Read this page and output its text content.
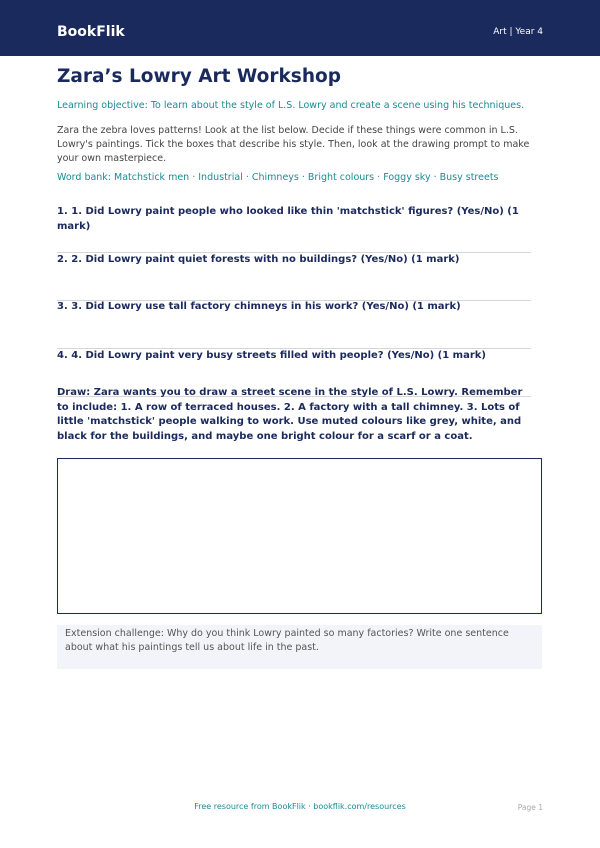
BookFlik	Art | Year 4
Zara’s Lowry Art Workshop

Learning objective: To learn about the style of L.S. Lowry and create a scene using his techniques.

Zara the zebra loves patterns! Look at the list below. Decide if these things were common in L.S. Lowry's paintings. Tick the boxes that describe his style. Then, look at the drawing prompt to make your own masterpiece.

Word bank: Matchstick men · Industrial · Chimneys · Bright colours · Foggy sky · Busy streets

1. 1. Did Lowry paint people who looked like thin 'matchstick' figures? (Yes/No) (1 mark)

2. 2. Did Lowry paint quiet forests with no buildings? (Yes/No) (1 mark)

3. 3. Did Lowry use tall factory chimneys in his work? (Yes/No) (1 mark)

4. 4. Did Lowry paint very busy streets filled with people? (Yes/No) (1 mark)

Draw: Zara wants you to draw a street scene in the style of L.S. Lowry. Remember to include: 1. A row of terraced houses. 2. A factory with a tall chimney. 3. Lots of little 'matchstick' people walking to work. Use muted colours like grey, white, and black for the buildings, and maybe one bright colour for a scarf or a coat.

Extension challenge: Why do you think Lowry painted so many factories? Write one sentence about what his paintings tell us about life in the past.

Free resource from BookFlik · bookflik.com/resources	Page 1
